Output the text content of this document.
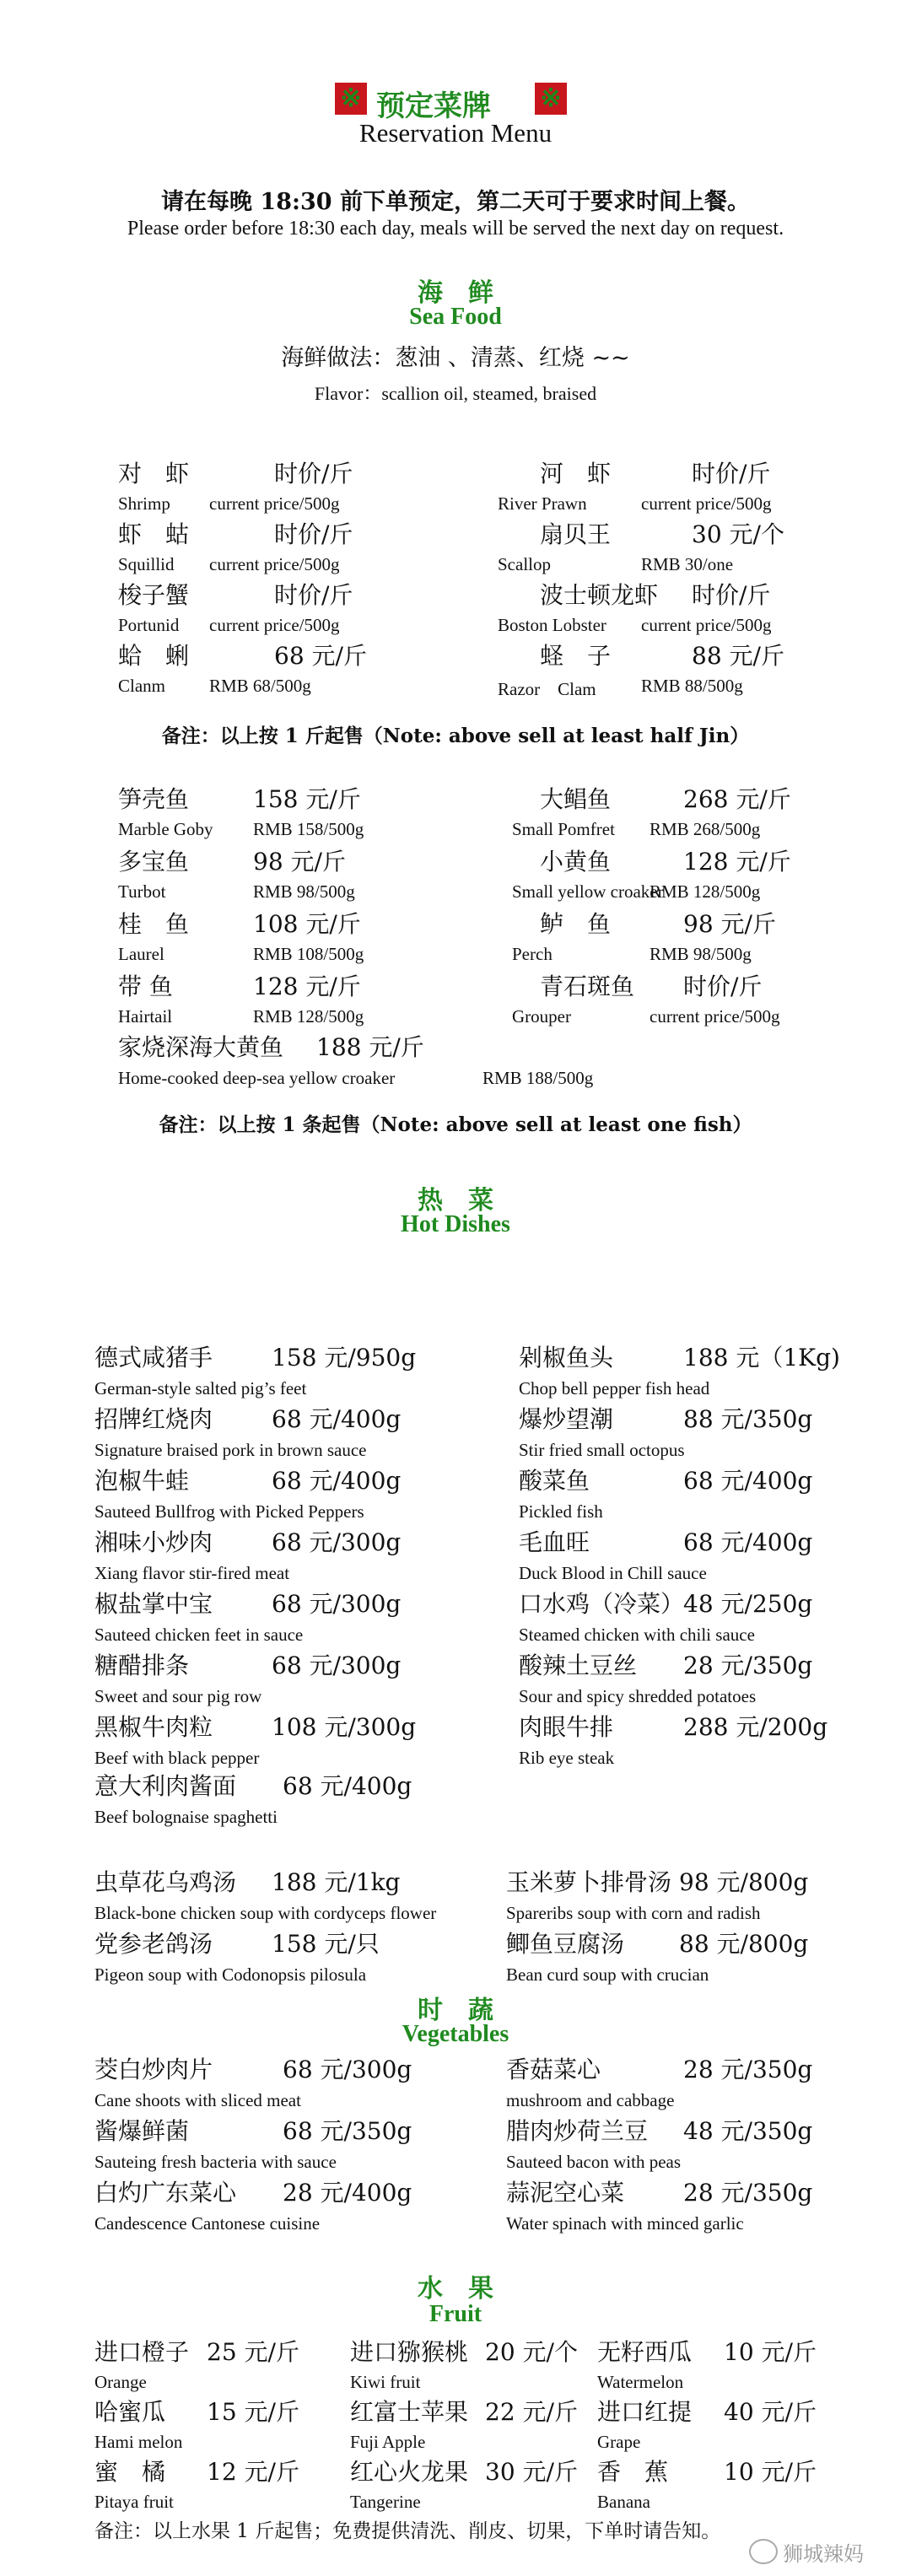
※ 预定菜牌 ※
Reservation Menu
请在每晚 18:30 前下单预定，第二天可于要求时间上餐。
Please order before 18:30 each day, meals will be served the next day on request.
海　鲜
Sea Food
海鲜做法：葱油 、清蒸、红烧 ~~
Flavor：scallion oil, steamed, braised
对　虾	时价/斤
Shrimp current price/500g
河　虾	时价/斤
River Prawn	current price/500g
虾　蛄	时价/斤
Squillid current price/500g
扇贝王	30 元/个
Scallop	RMB 30/one
梭子蟹	时价/斤
Portunid current price/500g
波士顿龙虾 时价/斤
Boston Lobster current price/500g
蛤　蜊	68 元/斤
Clanm RMB 68/500g
蛏　子	88 元/斤
Razor　Clam	RMB 88/500g
备注：以上按 1 斤起售（Note: above sell at least half Jin）
笋壳鱼	158 元/斤
Marble Goby RMB 158/500g
大鲳鱼	268 元/斤
Small Pomfret RMB 268/500g
多宝鱼	98 元/斤
Turbot	RMB 98/500g
小黄鱼	128 元/斤
Small yellow croaker
RMB 128/500g
桂　鱼	108 元/斤
Laurel	RMB 108/500g
鲈　鱼	98 元/斤
Perch	RMB 98/500g
带 鱼	128 元/斤
Hairtail	RMB 128/500g
青石斑鱼 时价/斤
Grouper	current price/500g
家烧深海大黄鱼 188 元/斤
Home-cooked deep-sea yellow croaker	RMB 188/500g
备注：以上按 1 条起售（Note: above sell at least one fish）
热　菜
Hot Dishes
德式咸猪手 158 元/950g
German-style salted pig’s feet
剁椒鱼头	188 元（1Kg)
Chop bell pepper fish head
招牌红烧肉 68 元/400g
Signature braised pork in brown sauce
爆炒望潮	88 元/350g
Stir fried small octopus
泡椒牛蛙	68 元/400g
Sauteed Bullfrog with Picked Peppers
酸菜鱼	68 元/400g
Pickled fish
湘味小炒肉 68 元/300g
Xiang flavor stir-fired meat
毛血旺	68 元/400g
Duck Blood in Chill sauce
椒盐掌中宝 68 元/300g
Sauteed chicken feet in sauce
口水鸡（冷菜）
48 元/250g
Steamed chicken with chili sauce
糖醋排条	68 元/300g
Sweet and sour pig row
酸辣土豆丝 28 元/350g
Sour and spicy shredded potatoes
黑椒牛肉粒 108 元/300g
Beef with black pepper
肉眼牛排	288 元/200g
Rib eye steak
意大利肉酱面 68 元/400g
Beef bolognaise spaghetti
虫草花乌鸡汤 188 元/1kg
Black-bone chicken soup with cordyceps flower
玉米萝卜排骨汤 98 元/800g
Spareribs soup with corn and radish
党参老鸽汤 158 元/只
Pigeon soup with Codonopsis pilosula
鲫鱼豆腐汤 88 元/800g
Bean curd soup with crucian
时　蔬
Vegetables
茭白炒肉片	68 元/300g
Cane shoots with sliced meat
香菇菜心	28 元/350g
mushroom and cabbage
酱爆鲜菌	68 元/350g
Sauteing fresh bacteria with sauce
腊肉炒荷兰豆 48 元/350g
Sauteed bacon with peas
白灼广东菜心 28 元/400g
Candescence Cantonese cuisine
蒜泥空心菜 28 元/350g
Water spinach with minced garlic
水　果
Fruit
进口橙子 25 元/斤
Orange
进口猕猴桃 20 元/个
Kiwi fruit
无籽西瓜 10 元/斤
Watermelon
哈蜜瓜 15 元/斤
Hami melon
红富士苹果 22 元/斤
Fuji Apple
进口红提 40 元/斤
Grape
蜜　橘 12 元/斤
Pitaya fruit
红心火龙果 30 元/斤
Tangerine
香　蕉 10 元/斤
Banana
备注：以上水果 1 斤起售；免费提供清洗、削皮、切果，下单时请告知。
狮城辣妈
